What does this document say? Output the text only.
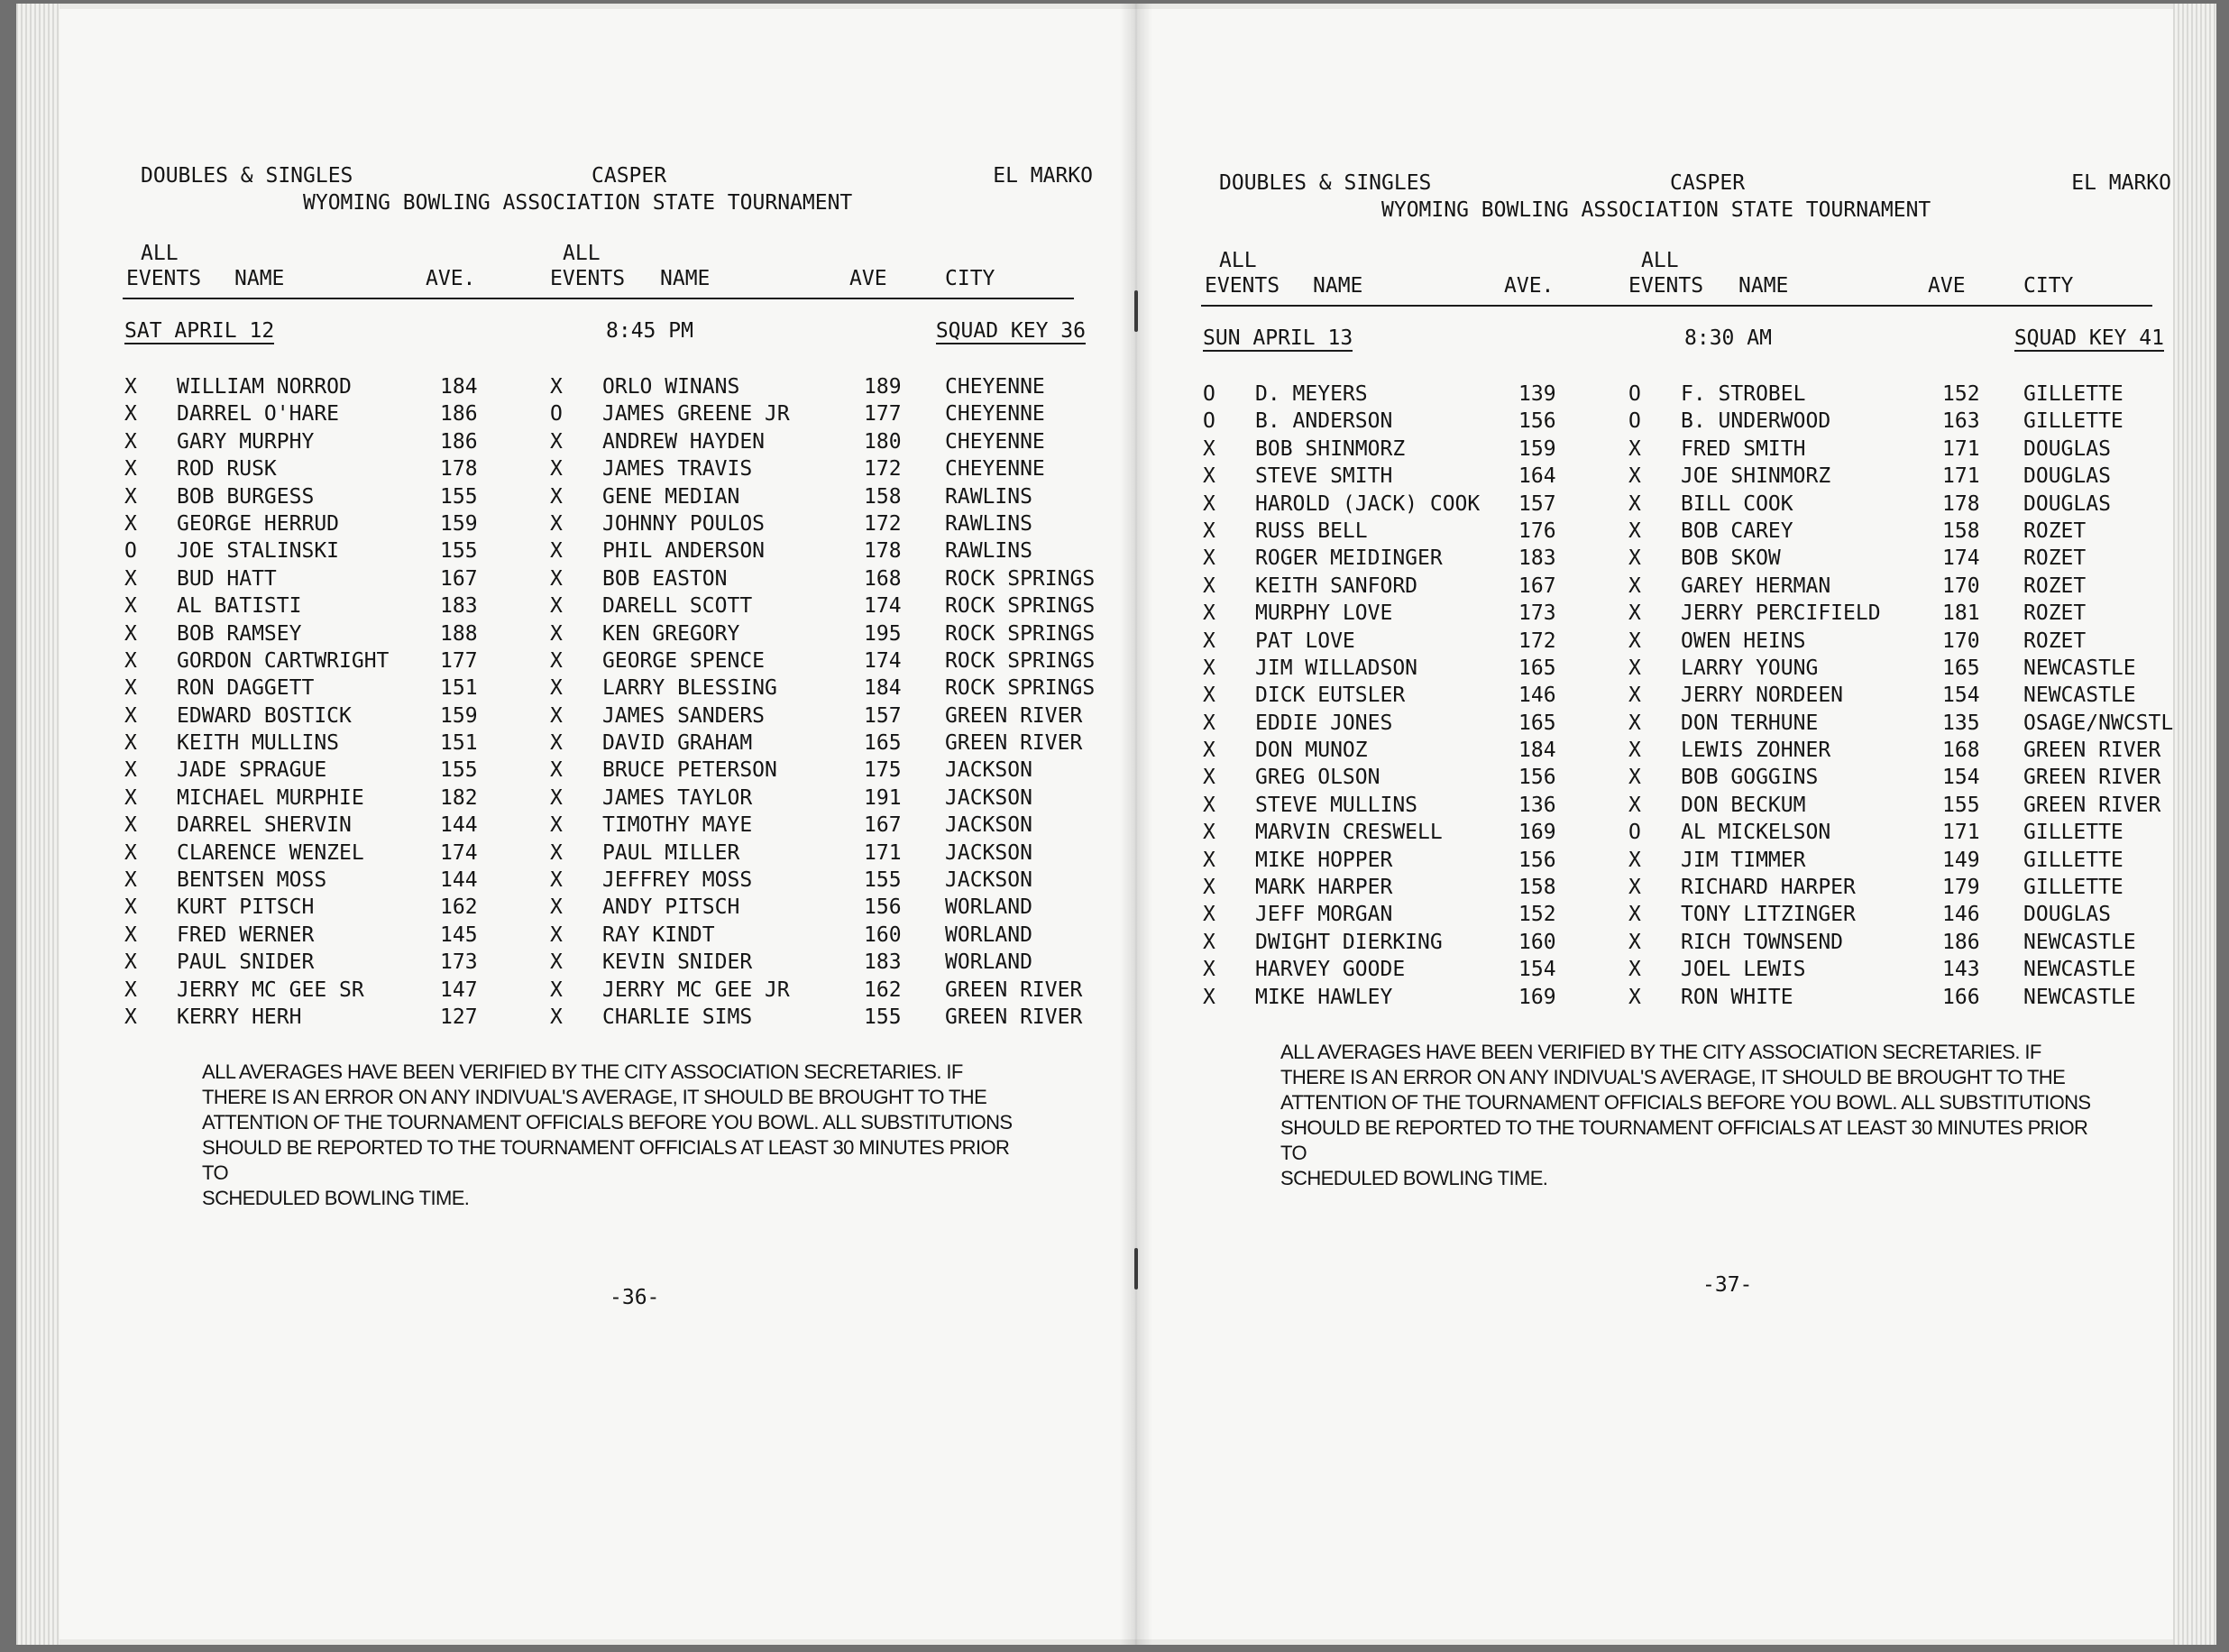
DOUBLES & SINGLES	CASPER	EL MARKO
WYOMING BOWLING ASSOCIATION STATE TOURNAMENT
ALL
EVENTS NAME	AVE.
ALL
EVENTS NAME	AVE	CITY
SAT APRIL 12	8:45 PM	SQUAD KEY 36
X WILLIAM NORROD	184	X ORLO WINANS	189 CHEYENNE
X DARREL O'HARE	186	O JAMES GREENE JR	177 CHEYENNE
X GARY MURPHY	186	X ANDREW HAYDEN	180 CHEYENNE
X ROD RUSK	178	X JAMES TRAVIS	172 CHEYENNE
X BOB BURGESS	155	X GENE MEDIAN	158 RAWLINS
X GEORGE HERRUD	159	X JOHNNY POULOS	172 RAWLINS
O JOE STALINSKI	155	X PHIL ANDERSON	178 RAWLINS
X BUD HATT	167	X BOB EASTON	168 ROCK SPRINGS
X AL BATISTI	183	X DARELL SCOTT	174 ROCK SPRINGS
X BOB RAMSEY	188	X KEN GREGORY	195 ROCK SPRINGS
X GORDON CARTWRIGHT 177	X GEORGE SPENCE	174 ROCK SPRINGS
X RON DAGGETT	151	X LARRY BLESSING	184 ROCK SPRINGS
X EDWARD BOSTICK	159	X JAMES SANDERS	157 GREEN RIVER
X KEITH MULLINS	151	X DAVID GRAHAM	165 GREEN RIVER
X JADE SPRAGUE	155	X BRUCE PETERSON	175 JACKSON
X MICHAEL MURPHIE	182	X JAMES TAYLOR	191 JACKSON
X DARREL SHERVIN	144	X TIMOTHY MAYE	167 JACKSON
X CLARENCE WENZEL	174	X PAUL MILLER	171 JACKSON
X BENTSEN MOSS	144	X JEFFREY MOSS	155 JACKSON
X KURT PITSCH	162	X ANDY PITSCH	156 WORLAND
X FRED WERNER	145	X RAY KINDT	160 WORLAND
X PAUL SNIDER	173	X KEVIN SNIDER	183 WORLAND
X JERRY MC GEE SR	147	X JERRY MC GEE JR	162 GREEN RIVER
X KERRY HERH	127	X CHARLIE SIMS	155 GREEN RIVER
ALL AVERAGES HAVE BEEN VERIFIED BY THE CITY ASSOCIATION SECRETARIES. IF
THERE IS AN ERROR ON ANY INDIVUAL'S AVERAGE, IT SHOULD BE BROUGHT TO THE
ATTENTION OF THE TOURNAMENT OFFICIALS BEFORE YOU BOWL. ALL SUBSTITUTIONS
SHOULD BE REPORTED TO THE TOURNAMENT OFFICIALS AT LEAST 30 MINUTES PRIOR TO
SCHEDULED BOWLING TIME.
-36-
DOUBLES & SINGLES	CASPER	EL MARKO
WYOMING BOWLING ASSOCIATION STATE TOURNAMENT
ALL
EVENTS NAME	AVE.
ALL
EVENTS NAME	AVE	CITY
SUN APRIL 13	8:30 AM	SQUAD KEY 41
O D. MEYERS	139	O F. STROBEL	152 GILLETTE
O B. ANDERSON	156	O B. UNDERWOOD	163 GILLETTE
X BOB SHINMORZ	159	X FRED SMITH	171 DOUGLAS
X STEVE SMITH	164	X JOE SHINMORZ	171 DOUGLAS
X HAROLD (JACK) COOK 157	X BILL COOK	178 DOUGLAS
X RUSS BELL	176	X BOB CAREY	158 ROZET
X ROGER MEIDINGER	183	X BOB SKOW	174 ROZET
X KEITH SANFORD	167	X GAREY HERMAN	170 ROZET
X MURPHY LOVE	173	X JERRY PERCIFIELD	181 ROZET
X PAT LOVE	172	X OWEN HEINS	170 ROZET
X JIM WILLADSON	165	X LARRY YOUNG	165 NEWCASTLE
X DICK EUTSLER	146	X JERRY NORDEEN	154 NEWCASTLE
X EDDIE JONES	165	X DON TERHUNE	135 OSAGE/NWCSTL
X DON MUNOZ	184	X LEWIS ZOHNER	168 GREEN RIVER
X GREG OLSON	156	X BOB GOGGINS	154 GREEN RIVER
X STEVE MULLINS	136	X DON BECKUM	155 GREEN RIVER
X MARVIN CRESWELL	169	O AL MICKELSON	171 GILLETTE
X MIKE HOPPER	156	X JIM TIMMER	149 GILLETTE
X MARK HARPER	158	X RICHARD HARPER	179 GILLETTE
X JEFF MORGAN	152	X TONY LITZINGER	146 DOUGLAS
X DWIGHT DIERKING	160	X RICH TOWNSEND	186 NEWCASTLE
X HARVEY GOODE	154	X JOEL LEWIS	143 NEWCASTLE
X MIKE HAWLEY	169	X RON WHITE	166 NEWCASTLE
ALL AVERAGES HAVE BEEN VERIFIED BY THE CITY ASSOCIATION SECRETARIES. IF
THERE IS AN ERROR ON ANY INDIVUAL'S AVERAGE, IT SHOULD BE BROUGHT TO THE
ATTENTION OF THE TOURNAMENT OFFICIALS BEFORE YOU BOWL. ALL SUBSTITUTIONS
SHOULD BE REPORTED TO THE TOURNAMENT OFFICIALS AT LEAST 30 MINUTES PRIOR TO
SCHEDULED BOWLING TIME.
-37-
